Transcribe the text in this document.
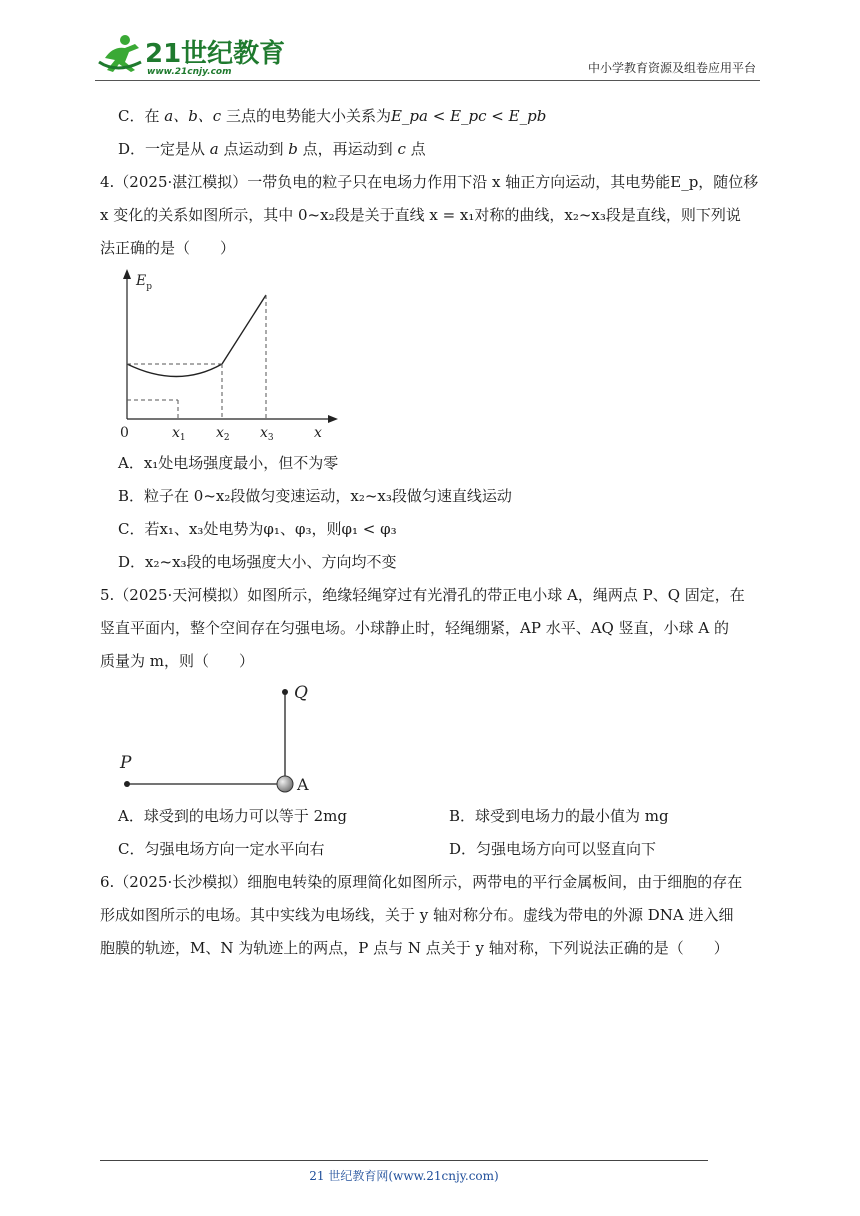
21世纪教育
www.21cnjy.com	中小学教育资源及组卷应用平台

C．在 a、b、c 三点的电势能大小关系为E_pa < E_pc < E_pb

D．一定是从 a 点运动到 b 点，再运动到 c 点

4.（2025·湛江模拟）一带负电的粒子只在电场力作用下沿 x 轴正方向运动，其电势能E_p，随位移

x 变化的关系如图所示，其中 0~x₂段是关于直线 x = x₁对称的曲线，x₂~x₃段是直线，则下列说

法正确的是（　　）

$E_p$
0	$x_1$ $x_2$ $x_3$	x

A．x₁处电场强度最小，但不为零

B．粒子在 0~x₂段做匀变速运动，x₂~x₃段做匀速直线运动

C．若x₁、x₃处电势为φ₁、φ₃，则φ₁ < φ₃

D．x₂~x₃段的电场强度大小、方向均不变

5.（2025·天河模拟）如图所示，绝缘轻绳穿过有光滑孔的带正电小球 A，绳两点 P、Q 固定，在

竖直平面内，整个空间存在匀强电场。小球静止时，轻绳绷紧，AP 水平、AQ 竖直，小球 A 的

质量为 m，则（　　）

Q
P
A

A．球受到的电场力可以等于 2mg	B．球受到电场力的最小值为 mg

C．匀强电场方向一定水平向右	D．匀强电场方向可以竖直向下

6.（2025·长沙模拟）细胞电转染的原理简化如图所示，两带电的平行金属板间，由于细胞的存在

形成如图所示的电场。其中实线为电场线，关于 y 轴对称分布。虚线为带电的外源 DNA 进入细

胞膜的轨迹，M、N 为轨迹上的两点，P 点与 N 点关于 y 轴对称，下列说法正确的是（　　）

21 世纪教育网(www.21cnjy.com)
